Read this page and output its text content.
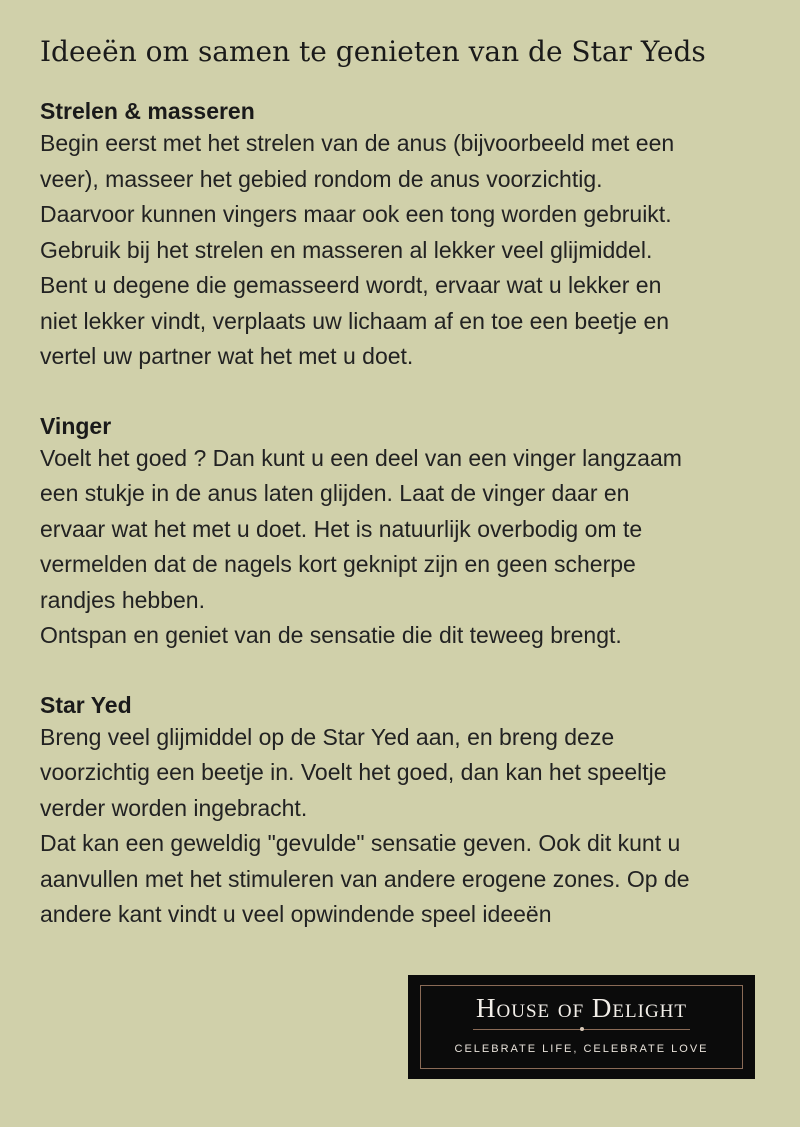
Ideeën om samen te genieten van de Star Yeds
Strelen & masseren

Begin eerst met het strelen van de anus (bijvoorbeeld met een
veer), masseer het gebied rondom de anus voorzichtig.
Daarvoor kunnen vingers maar ook een tong worden gebruikt.
Gebruik bij het strelen en masseren al lekker veel glijmiddel.
Bent u degene die gemasseerd wordt, ervaar wat u lekker en
niet lekker vindt, verplaats uw lichaam af en toe een beetje en
vertel uw partner wat het met u doet.

Vinger

Voelt het goed ? Dan kunt u een deel van een vinger langzaam
een stukje in de anus laten glijden. Laat de vinger daar en
ervaar wat het met u doet. Het is natuurlijk overbodig om te
vermelden dat de nagels kort geknipt zijn en geen scherpe
randjes hebben.
Ontspan en geniet van de sensatie die dit teweeg brengt.

Star Yed

Breng veel glijmiddel op de Star Yed aan, en breng deze
voorzichtig een beetje in. Voelt het goed, dan kan het speeltje
verder worden ingebracht.
Dat kan een geweldig "gevulde" sensatie geven. Ook dit kunt u
aanvullen met het stimuleren van andere erogene zones. Op de
andere kant vindt u veel opwindende speel ideeën

House of Delight
CELEBRATE LIFE, CELEBRATE LOVE
